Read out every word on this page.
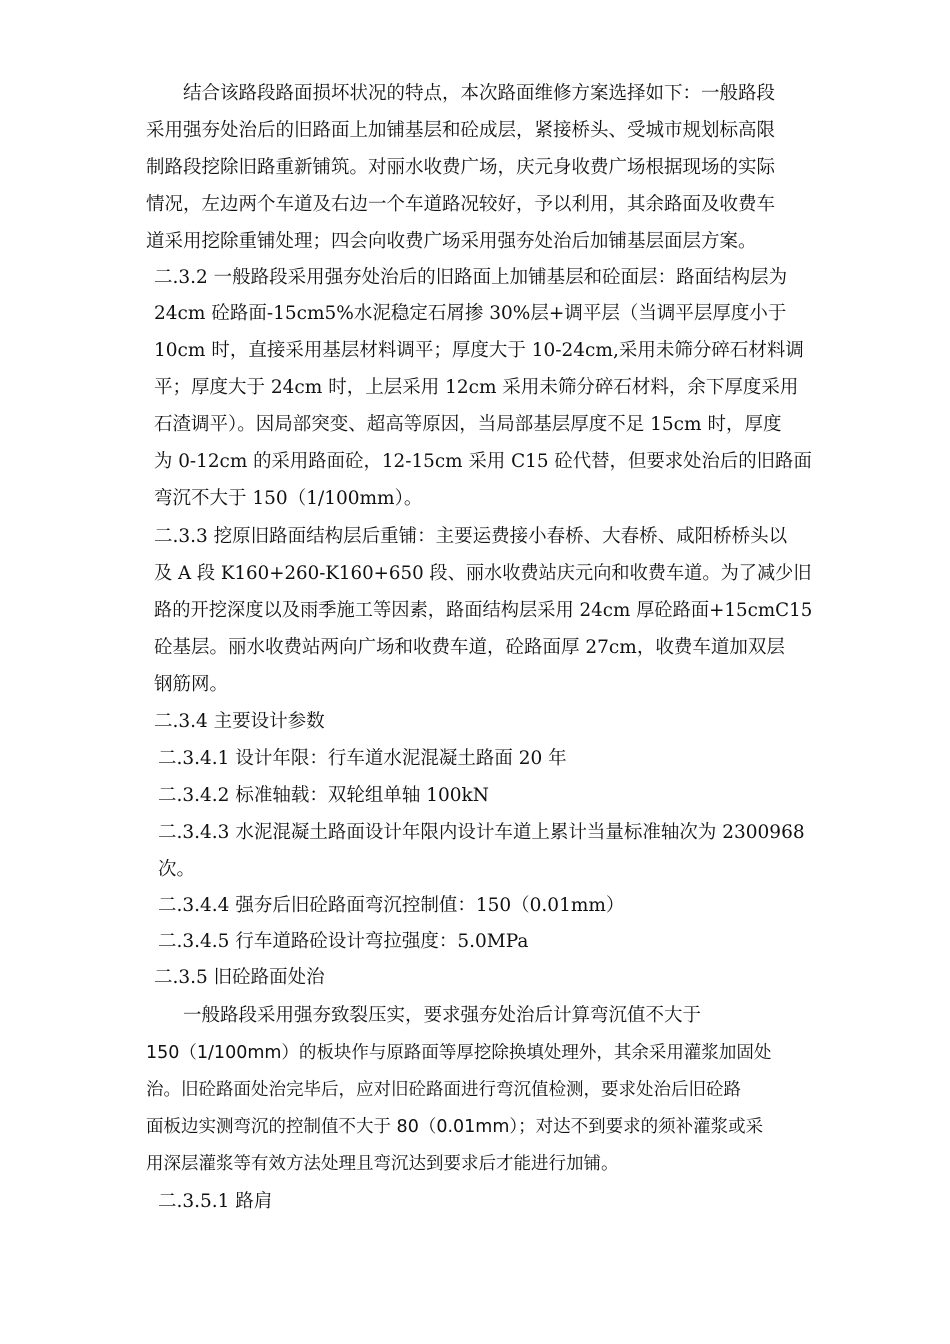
结合该路段路面损坏状况的特点，本次路面维修方案选择如下：一般路段
采用强夯处治后的旧路面上加铺基层和砼成层，紧接桥头、受城市规划标高限
制路段挖除旧路重新铺筑。对丽水收费广场，庆元身收费广场根据现场的实际
情况，左边两个车道及右边一个车道路况较好，予以利用，其余路面及收费车
道采用挖除重铺处理；四会向收费广场采用强夯处治后加铺基层面层方案。
二.3.2 一般路段采用强夯处治后的旧路面上加铺基层和砼面层：路面结构层为
24cm 砼路面-15cm5%水泥稳定石屑掺 30%层+调平层（当调平层厚度小于
10cm 时，直接采用基层材料调平；厚度大于 10-24cm,采用未筛分碎石材料调
平；厚度大于 24cm 时，上层采用 12cm 采用未筛分碎石材料，余下厚度采用
石渣调平）。因局部突变、超高等原因，当局部基层厚度不足 15cm 时，厚度
为 0-12cm 的采用路面砼，12-15cm 采用 C15 砼代替，但要求处治后的旧路面
弯沉不大于 150（1/100mm）。
二.3.3 挖原旧路面结构层后重铺：主要运费接小春桥、大春桥、咸阳桥桥头以
及 A 段 K160+260-K160+650 段、丽水收费站庆元向和收费车道。为了减少旧
路的开挖深度以及雨季施工等因素，路面结构层采用 24cm 厚砼路面+15cmC15
砼基层。丽水收费站两向广场和收费车道，砼路面厚 27cm，收费车道加双层
钢筋网。
二.3.4 主要设计参数
二.3.4.1 设计年限：行车道水泥混凝土路面 20 年
二.3.4.2 标准轴载：双轮组单轴 100kN
二.3.4.3 水泥混凝土路面设计年限内设计车道上累计当量标准轴次为 2300968
次。
二.3.4.4 强夯后旧砼路面弯沉控制值：150（0.01mm）
二.3.4.5 行车道路砼设计弯拉强度：5.0MPa
二.3.5 旧砼路面处治
一般路段采用强夯致裂压实，要求强夯处治后计算弯沉值不大于
150（1/100mm）的板块作与原路面等厚挖除换填处理外，其余采用灌浆加固处
治。旧砼路面处治完毕后，应对旧砼路面进行弯沉值检测，要求处治后旧砼路
面板边实测弯沉的控制值不大于 80（0.01mm）；对达不到要求的须补灌浆或采
用深层灌浆等有效方法处理且弯沉达到要求后才能进行加铺。
二.3.5.1 路肩
